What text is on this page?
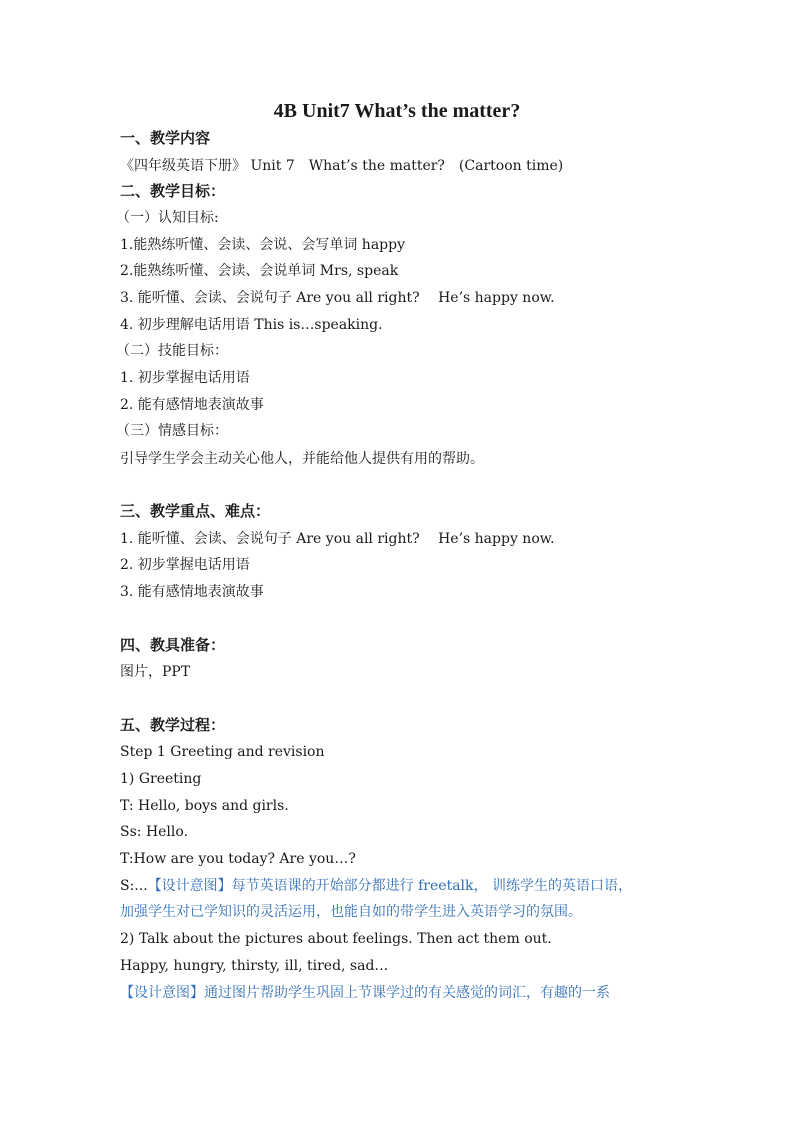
4B Unit7 What’s the matter?
一、教学内容
《四年级英语下册》 Unit 7　What’s the matter?　(Cartoon time)
二、教学目标：
（一）认知目标:
1.能熟练听懂、会读、会说、会写单词 happy
2.能熟练听懂、会读、会说单词 Mrs, speak
3. 能听懂、会读、会说句子 Are you all right?　 He’s happy now.
4. 初步理解电话用语 This is…speaking.
（二）技能目标：
1. 初步掌握电话用语
2. 能有感情地表演故事
（三）情感目标：
引导学生学会主动关心他人，并能给他人提供有用的帮助。
三、教学重点、难点：
1. 能听懂、会读、会说句子 Are you all right?　 He’s happy now.
2. 初步掌握电话用语
3. 能有感情地表演故事
四、教具准备：
图片，PPT
五、教学过程：
Step 1 Greeting and revision
1) Greeting
T: Hello, boys and girls.
Ss: Hello.
T:How are you today? Are you…?
S:...【设计意图】每节英语课的开始部分都进行 freetalk， 训练学生的英语口语，
加强学生对已学知识的灵活运用，也能自如的带学生进入英语学习的氛围。
2) Talk about the pictures about feelings. Then act them out.
Happy, hungry, thirsty, ill, tired, sad…
【设计意图】通过图片帮助学生巩固上节课学过的有关感觉的词汇，有趣的一系
